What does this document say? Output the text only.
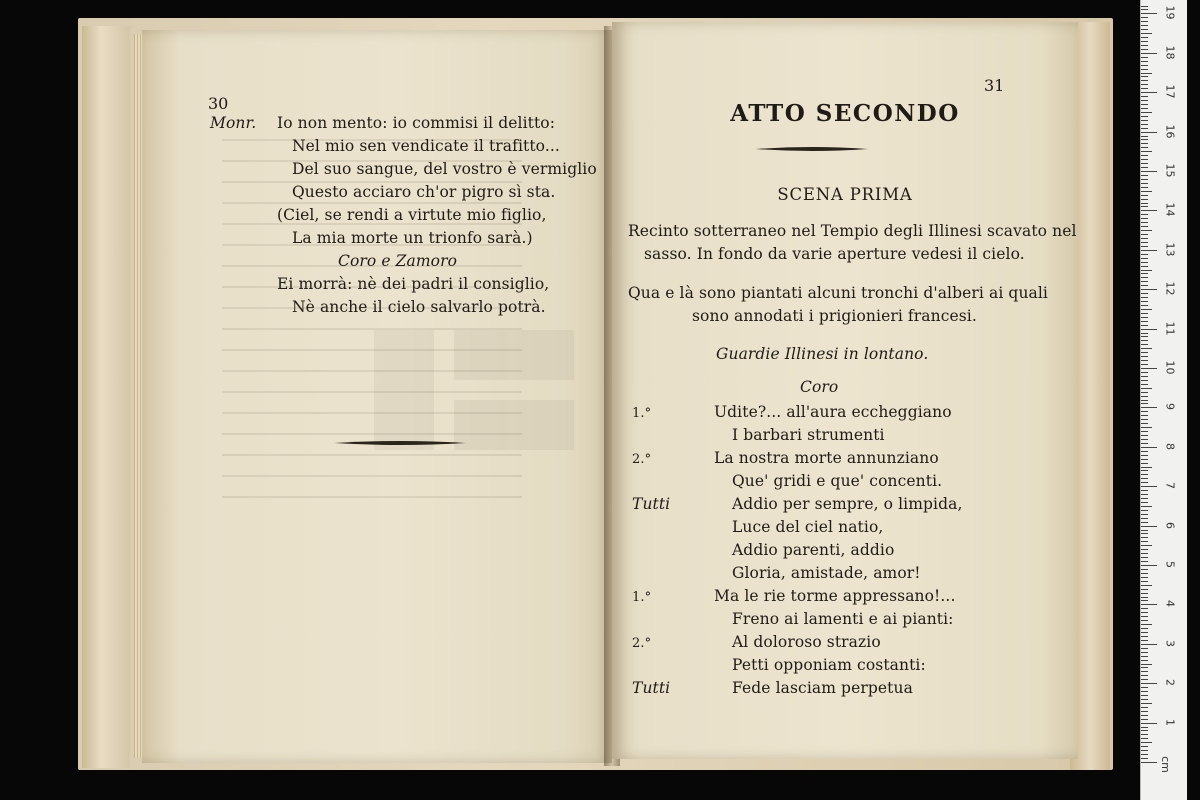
30
Monr. Io non mento: io commisi il delitto:
Nel mio sen vendicate il trafitto...
Del suo sangue, del vostro è vermiglio
Questo acciaro ch'or pigro sì sta.
(Ciel, se rendi a virtute mio figlio,
La mia morte un trionfo sarà.)
Coro e Zamoro
Ei morrà: nè dei padri il consiglio,
Nè anche il cielo salvarlo potrà.
31
ATTO SECONDO
SCENA PRIMA
Recinto sotterraneo nel Tempio degli Illinesi scavato nel
sasso. In fondo da varie aperture vedesi il cielo.
Qua e là sono piantati alcuni tronchi d'alberi ai quali
sono annodati i prigionieri francesi.
Guardie Illinesi in lontano.
Coro
1.°	Udite?... all'aura eccheggiano
I barbari strumenti
2.°	La nostra morte annunziano
Que' gridi e que' concenti.
Tutti	Addio per sempre, o limpida,
Luce del ciel natio,
Addio parenti, addio
Gloria, amistade, amor!
1.°	Ma le rie torme appressano!...
Freno ai lamenti e ai pianti:
2.°	Al doloroso strazio
Petti opponiam costanti:
Tutti	Fede lasciam perpetua
cm
1
2
3
4
5
6
7
8
9
10
11
12
13
14
15
16
17
18
19
